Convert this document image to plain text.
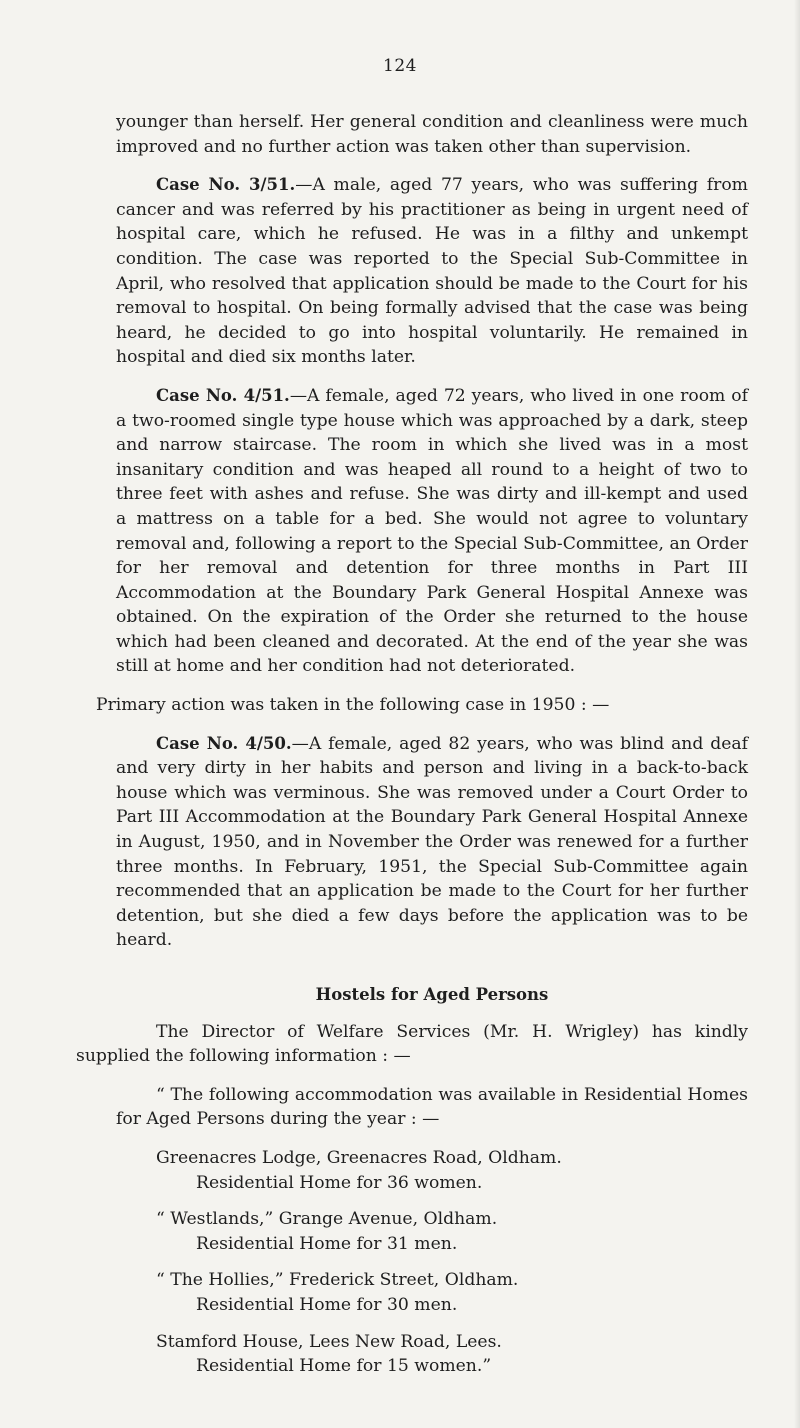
124

younger than herself. Her general condition and cleanliness were much improved and no further action was taken other than supervision.

Case No. 3/51.—A male, aged 77 years, who was suffering from cancer and was referred by his practitioner as being in urgent need of hospital care, which he refused. He was in a filthy and unkempt condition. The case was reported to the Special Sub-Committee in April, who resolved that application should be made to the Court for his removal to hospital. On being formally advised that the case was being heard, he decided to go into hospital voluntarily. He remained in hospital and died six months later.

Case No. 4/51.—A female, aged 72 years, who lived in one room of a two-roomed single type house which was approached by a dark, steep and narrow staircase. The room in which she lived was in a most insanitary condition and was heaped all round to a height of two to three feet with ashes and refuse. She was dirty and ill-kempt and used a mattress on a table for a bed. She would not agree to voluntary removal and, following a report to the Special Sub-Committee, an Order for her removal and detention for three months in Part III Accommodation at the Boundary Park General Hospital Annexe was obtained. On the expiration of the Order she returned to the house which had been cleaned and decorated. At the end of the year she was still at home and her condition had not deteriorated.

Primary action was taken in the following case in 1950 : —

Case No. 4/50.—A female, aged 82 years, who was blind and deaf and very dirty in her habits and person and living in a back-to-back house which was verminous. She was removed under a Court Order to Part III Accommodation at the Boundary Park General Hospital Annexe in August, 1950, and in November the Order was renewed for a further three months. In February, 1951, the Special Sub-Committee again recommended that an application be made to the Court for her further detention, but she died a few days before the application was to be heard.

Hostels for Aged Persons

The Director of Welfare Services (Mr. H. Wrigley) has kindly supplied the following information : —

“ The following accommodation was available in Residential Homes for Aged Persons during the year : —

Greenacres Lodge, Greenacres Road, Oldham.
Residential Home for 36 women.
“ Westlands,” Grange Avenue, Oldham.
Residential Home for 31 men.
“ The Hollies,” Frederick Street, Oldham.
Residential Home for 30 men.
Stamford House, Lees New Road, Lees.
Residential Home for 15 women.”
